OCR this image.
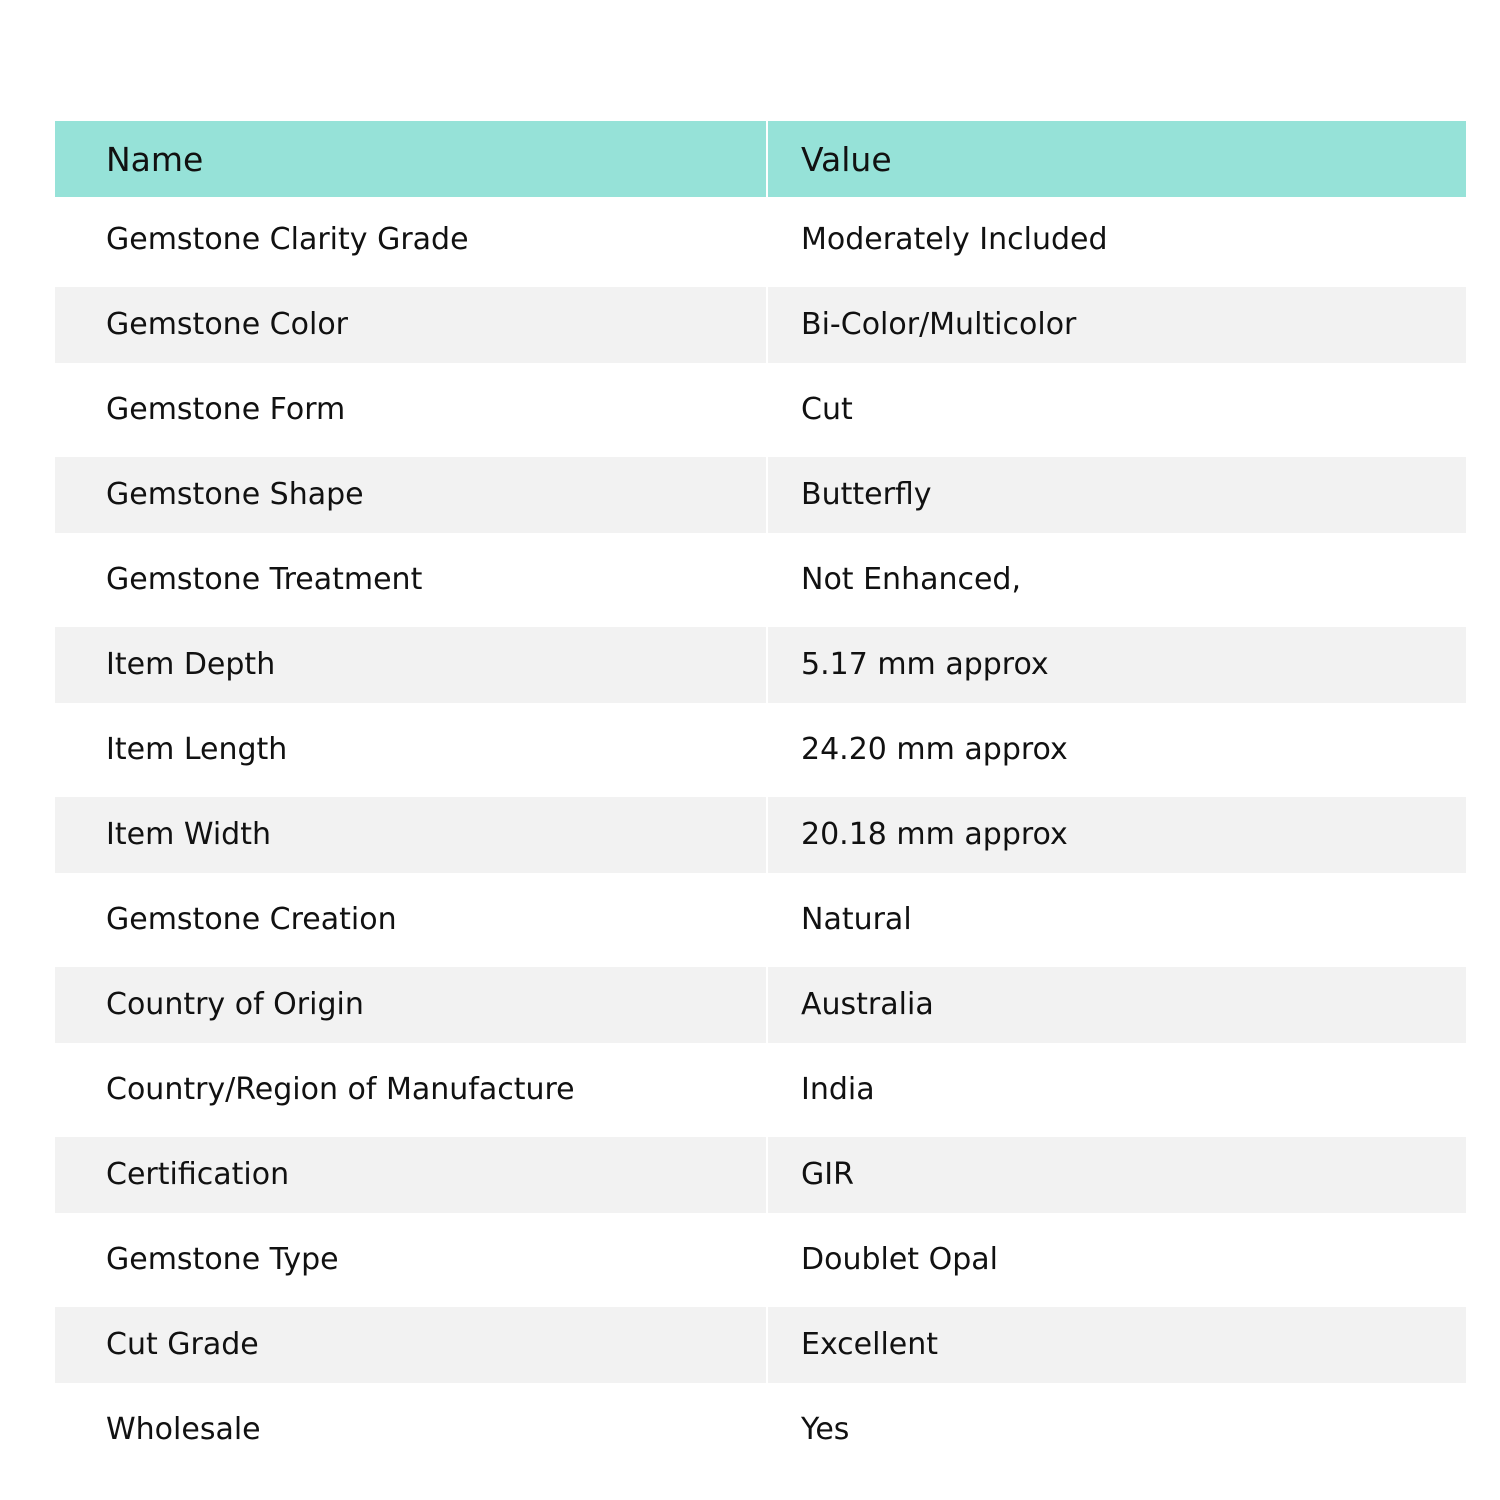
Name	Value
Gemstone Clarity Grade	Moderately Included
Gemstone Color	Bi-Color/Multicolor
Gemstone Form	Cut
Gemstone Shape	Butterfly
Gemstone Treatment	Not Enhanced,
Item Depth	5.17 mm approx
Item Length	24.20 mm approx
Item Width	20.18 mm approx
Gemstone Creation	Natural
Country of Origin	Australia
Country/Region of Manufacture	India
Certification	GIR
Gemstone Type	Doublet Opal
Cut Grade	Excellent
Wholesale	Yes
